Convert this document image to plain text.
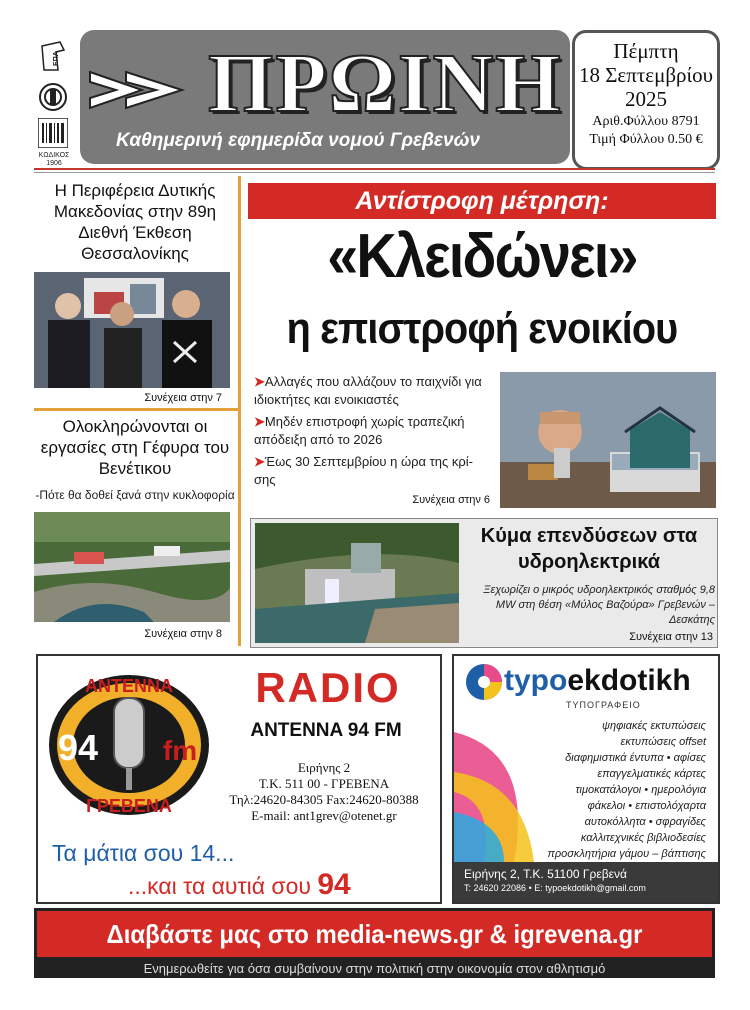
ΕΠΑ
ΚΩΔΙΚΟΣ
1906
ΠΡΩΙΝΗ
Καθημερινή εφημερίδα νομού Γρεβενών
Πέμπτη
18 Σεπτεμβρίου
2025
Αριθ.Φύλλου 8791
Τιμή Φύλλου 0.50 €
Η Περιφέρεια Δυτικής Μακεδονίας στην 89η Διεθνή Έκθεση Θεσσαλονίκης
Συνέχεια στην 7
Ολοκληρώνονται οι εργασίες στη Γέφυρα του Βενέτικου
-Πότε θα δοθεί ξανά στην κυκλοφορία
Συνέχεια στην 8
Αντίστροφη μέτρηση:
«Κλειδώνει»
η επιστροφή ενοικίου
➤Αλλαγές που αλλάζουν το παιχνίδι για ιδιοκτήτες και ενοικιαστές
➤Μηδέν επιστροφή χωρίς τραπεζική απόδειξη από το 2026
➤Έως 30 Σεπτεμβρίου η ώρα της κρί-σης
Συνέχεια στην 6
Κύμα επενδύσεων στα υδροηλεκτρικά
Ξεχωρίζει ο μικρός υδροηλεκτρικός σταθμός 9,8 MW στη θέση «Μύλος Βαζούρα» Γρεβενών – Δεσκάτης
Συνέχεια στην 13
ΑΝΤΕΝΝΑ
94 fm
ΓΡΕΒΕΝΑ
RADIO
ANTENNA 94 FM
Ειρήνης 2
Τ.Κ. 511 00 - ΓΡΕΒΕΝΑ
Τηλ:24620-84305 Fax:24620-80388
E-mail: ant1grev@otenet.gr
Τα μάτια σου 14...
...και τα αυτιά σου 94
typoekdotikh
ΤΥΠΟΓΡΑΦΕΙΟ
ψηφιακές εκτυπώσεις
εκτυπώσεις offset
διαφημιστικά έντυπα • αφίσες
επαγγελματικές κάρτες
τιμοκατάλογοι • ημερολόγια
φάκελοι • επιστολόχαρτα
αυτοκόλλητα • σφραγίδες
καλλιτεχνικές βιβλιοδεσίες
προσκλητήρια γάμου – βάπτισης
Ειρήνης 2, Τ.Κ. 51100 Γρεβενά
Τ: 24620 22086 • E: typoekdotikh@gmail.com
Διαβάστε μας στο media-news.gr & igrevena.gr
Ενημερωθείτε για όσα συμβαίνουν στην πολιτική στην οικονομία στον αθλητισμό
